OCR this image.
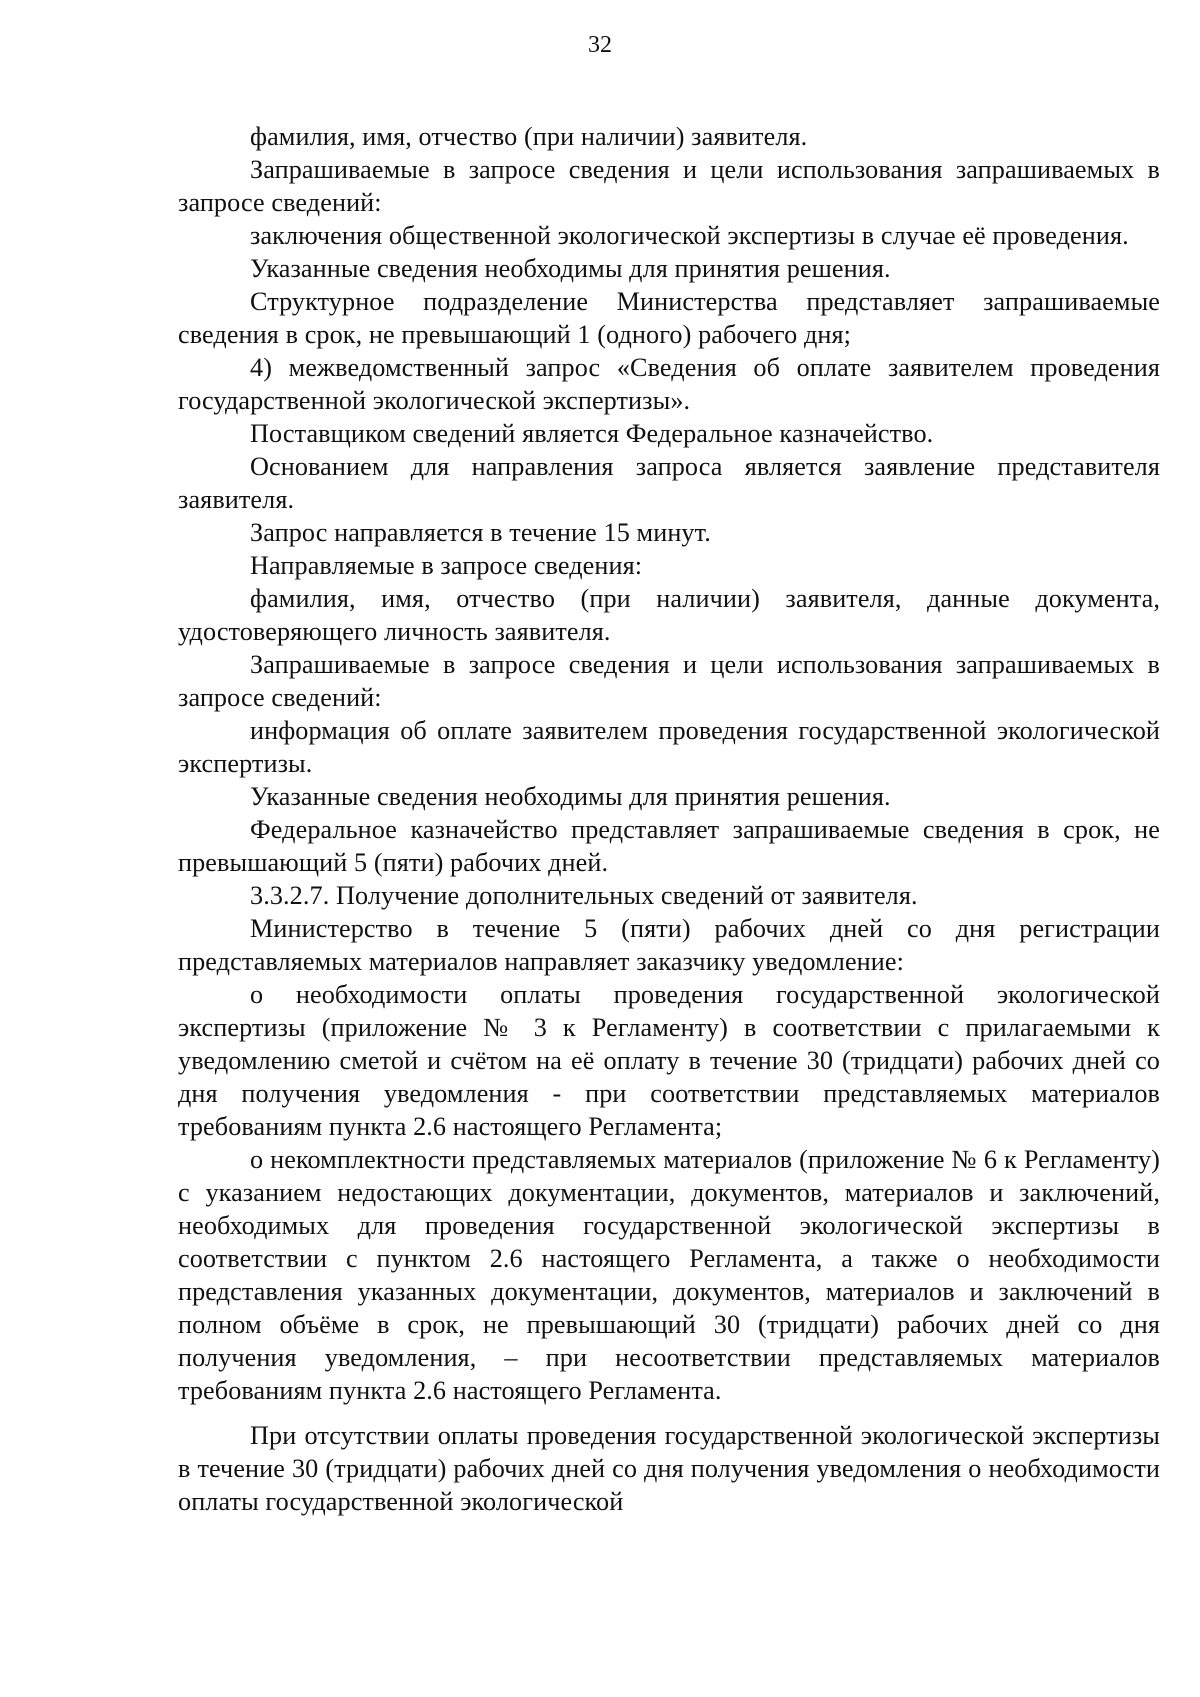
32

фамилия, имя, отчество (при наличии) заявителя.

Запрашиваемые в запросе сведения и цели использования запрашиваемых в запросе сведений:

заключения общественной экологической экспертизы в случае её проведения.

Указанные сведения необходимы для принятия решения.

Структурное подразделение Министерства представляет запрашиваемые сведения в срок, не превышающий 1 (одного) рабочего дня;

4) межведомственный запрос «Сведения об оплате заявителем проведения государственной экологической экспертизы».

Поставщиком сведений является Федеральное казначейство.

Основанием для направления запроса является заявление представителя заявителя.

Запрос направляется в течение 15 минут.

Направляемые в запросе сведения:

фамилия, имя, отчество (при наличии) заявителя, данные документа, удостоверяющего личность заявителя.

Запрашиваемые в запросе сведения и цели использования запрашиваемых в запросе сведений:

информация об оплате заявителем проведения государственной экологической экспертизы.

Указанные сведения необходимы для принятия решения.

Федеральное казначейство представляет запрашиваемые сведения в срок, не превышающий 5 (пяти) рабочих дней.

3.3.2.7. Получение дополнительных сведений от заявителя.

Министерство в течение 5 (пяти) рабочих дней со дня регистрации представляемых материалов направляет заказчику уведомление:

о необходимости оплаты проведения государственной экологической экспертизы (приложение № 3 к Регламенту) в соответствии с прилагаемыми к уведомлению сметой и счётом на её оплату в течение 30 (тридцати) рабочих дней со дня получения уведомления - при соответствии представляемых материалов требованиям пункта 2.6 настоящего Регламента;

о некомплектности представляемых материалов (приложение № 6 к Регламенту) с указанием недостающих документации, документов, материалов и заключений, необходимых для проведения государственной экологической экспертизы в соответствии с пунктом 2.6 настоящего Регламента, а также о необходимости представления указанных документации, документов, материалов и заключений в полном объёме в срок, не превышающий 30 (тридцати) рабочих дней со дня получения уведомления, – при несоответствии представляемых материалов требованиям пункта 2.6 настоящего Регламента.

При отсутствии оплаты проведения государственной экологической экспертизы в течение 30 (тридцати) рабочих дней со дня получения уведомления о необходимости оплаты государственной экологической
